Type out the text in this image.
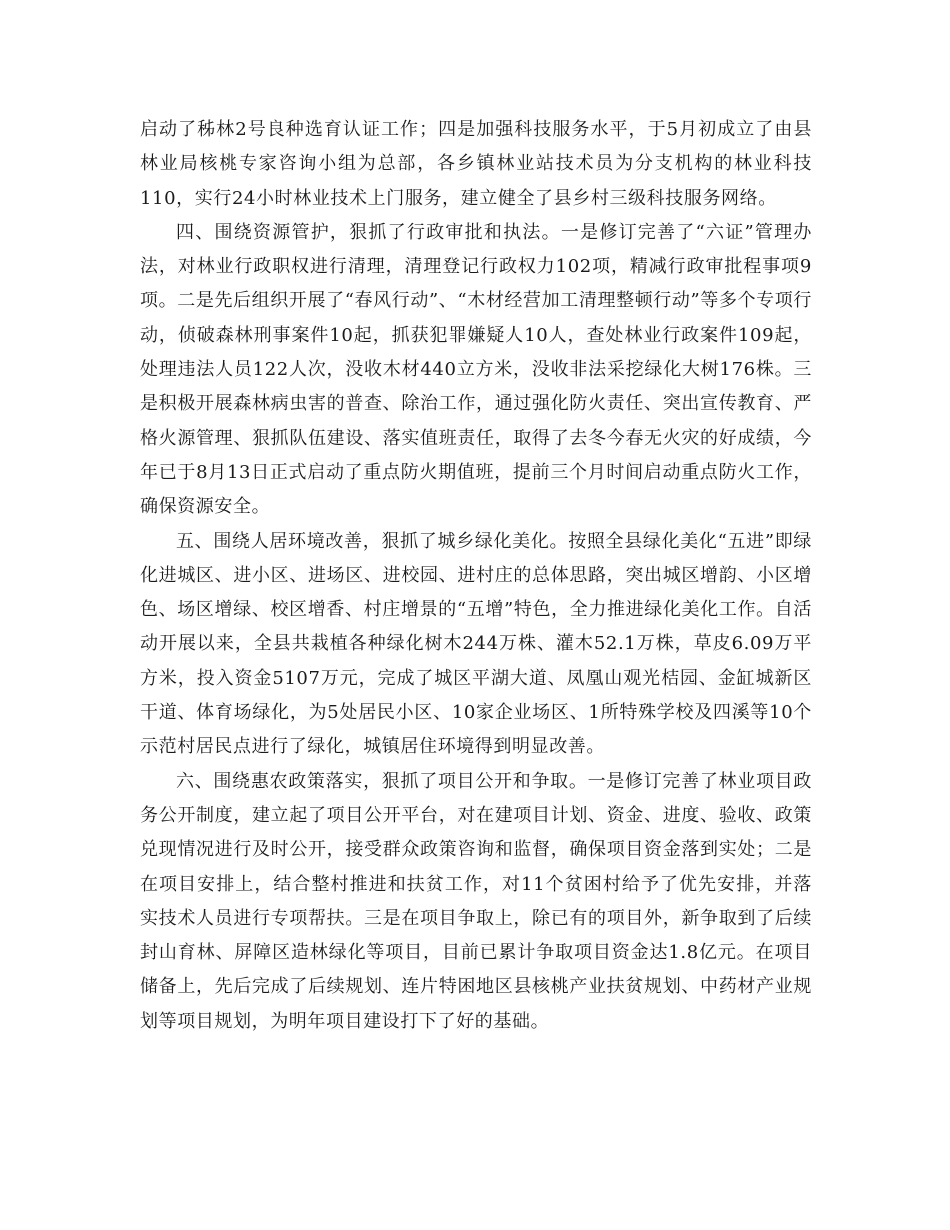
启动了秭林2号良种选育认证工作；四是加强科技服务水平，于5月初成立了由县林业局核桃专家咨询小组为总部，各乡镇林业站技术员为分支机构的林业科技110，实行24小时林业技术上门服务，建立健全了县乡村三级科技服务网络。

四、围绕资源管护，狠抓了行政审批和执法。一是修订完善了“六证”管理办法，对林业行政职权进行清理，清理登记行政权力102项，精减行政审批程事项9项。二是先后组织开展了“春风行动”、“木材经营加工清理整顿行动”等多个专项行动，侦破森林刑事案件10起，抓获犯罪嫌疑人10人，查处林业行政案件109起，处理违法人员122人次，没收木材440立方米，没收非法采挖绿化大树176株。三是积极开展森林病虫害的普查、除治工作，通过强化防火责任、突出宣传教育、严格火源管理、狠抓队伍建设、落实值班责任，取得了去冬今春无火灾的好成绩，今年已于8月13日正式启动了重点防火期值班，提前三个月时间启动重点防火工作，确保资源安全。

五、围绕人居环境改善，狠抓了城乡绿化美化。按照全县绿化美化“五进”即绿化进城区、进小区、进场区、进校园、进村庄的总体思路，突出城区增韵、小区增色、场区增绿、校区增香、村庄增景的“五增”特色，全力推进绿化美化工作。自活动开展以来，全县共栽植各种绿化树木244万株、灌木52.1万株，草皮6.09万平方米，投入资金5107万元，完成了城区平湖大道、凤凰山观光桔园、金缸城新区干道、体育场绿化，为5处居民小区、10家企业场区、1所特殊学校及四溪等10个示范村居民点进行了绿化，城镇居住环境得到明显改善。

六、围绕惠农政策落实，狠抓了项目公开和争取。一是修订完善了林业项目政务公开制度，建立起了项目公开平台，对在建项目计划、资金、进度、验收、政策兑现情况进行及时公开，接受群众政策咨询和监督，确保项目资金落到实处；二是在项目安排上，结合整村推进和扶贫工作，对11个贫困村给予了优先安排，并落实技术人员进行专项帮扶。三是在项目争取上，除已有的项目外，新争取到了后续封山育林、屏障区造林绿化等项目，目前已累计争取项目资金达1.8亿元。在项目储备上，先后完成了后续规划、连片特困地区县核桃产业扶贫规划、中药材产业规划等项目规划，为明年项目建设打下了好的基础。
